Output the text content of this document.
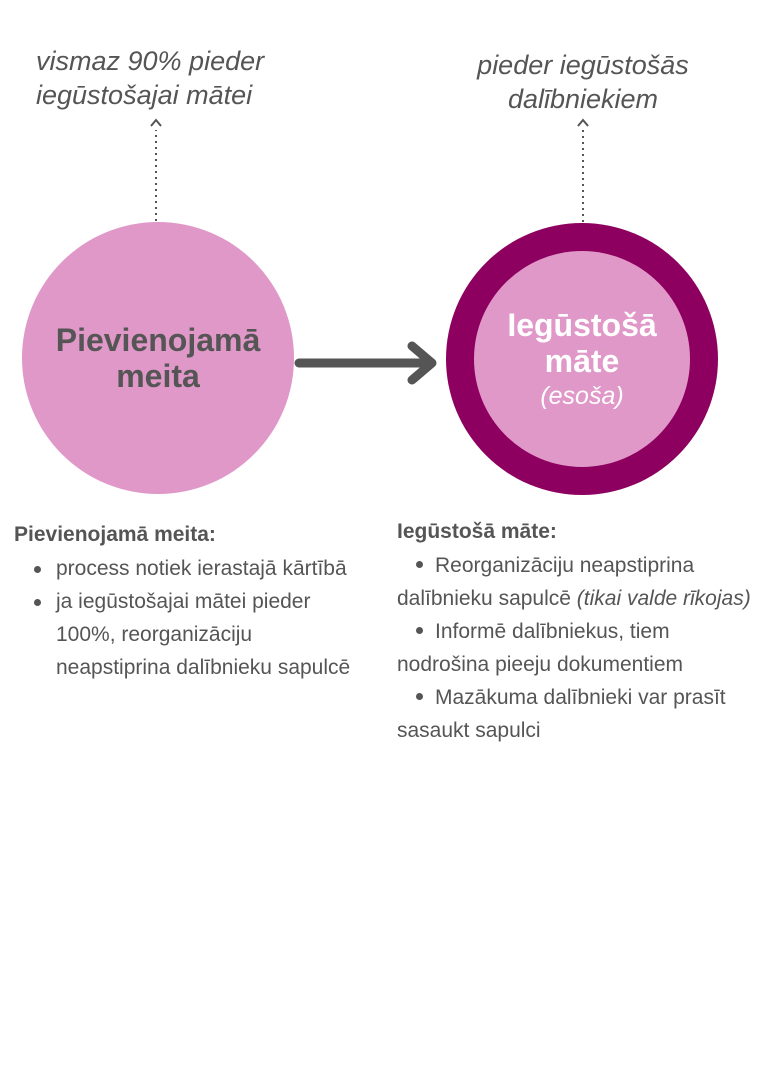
vismaz 90% pieder
iegūstošajai mātei
pieder iegūstošās
dalībniekiem
Pievienojamā
meita
Iegūstošā
māte
(esoša)
Pievienojamā meita:
process notiek ierastajā kārtībā
ja iegūstošajai mātei pieder 100%, reorganizāciju neapstiprina dalībnieku sapulcē
Iegūstošā māte:
Reorganizāciju neapstiprina dalībnieku sapulcē (tikai valde rīkojas)
Informē dalībniekus, tiem nodrošina pieeju dokumentiem
Mazākuma dalībnieki var prasīt sasaukt sapulci
